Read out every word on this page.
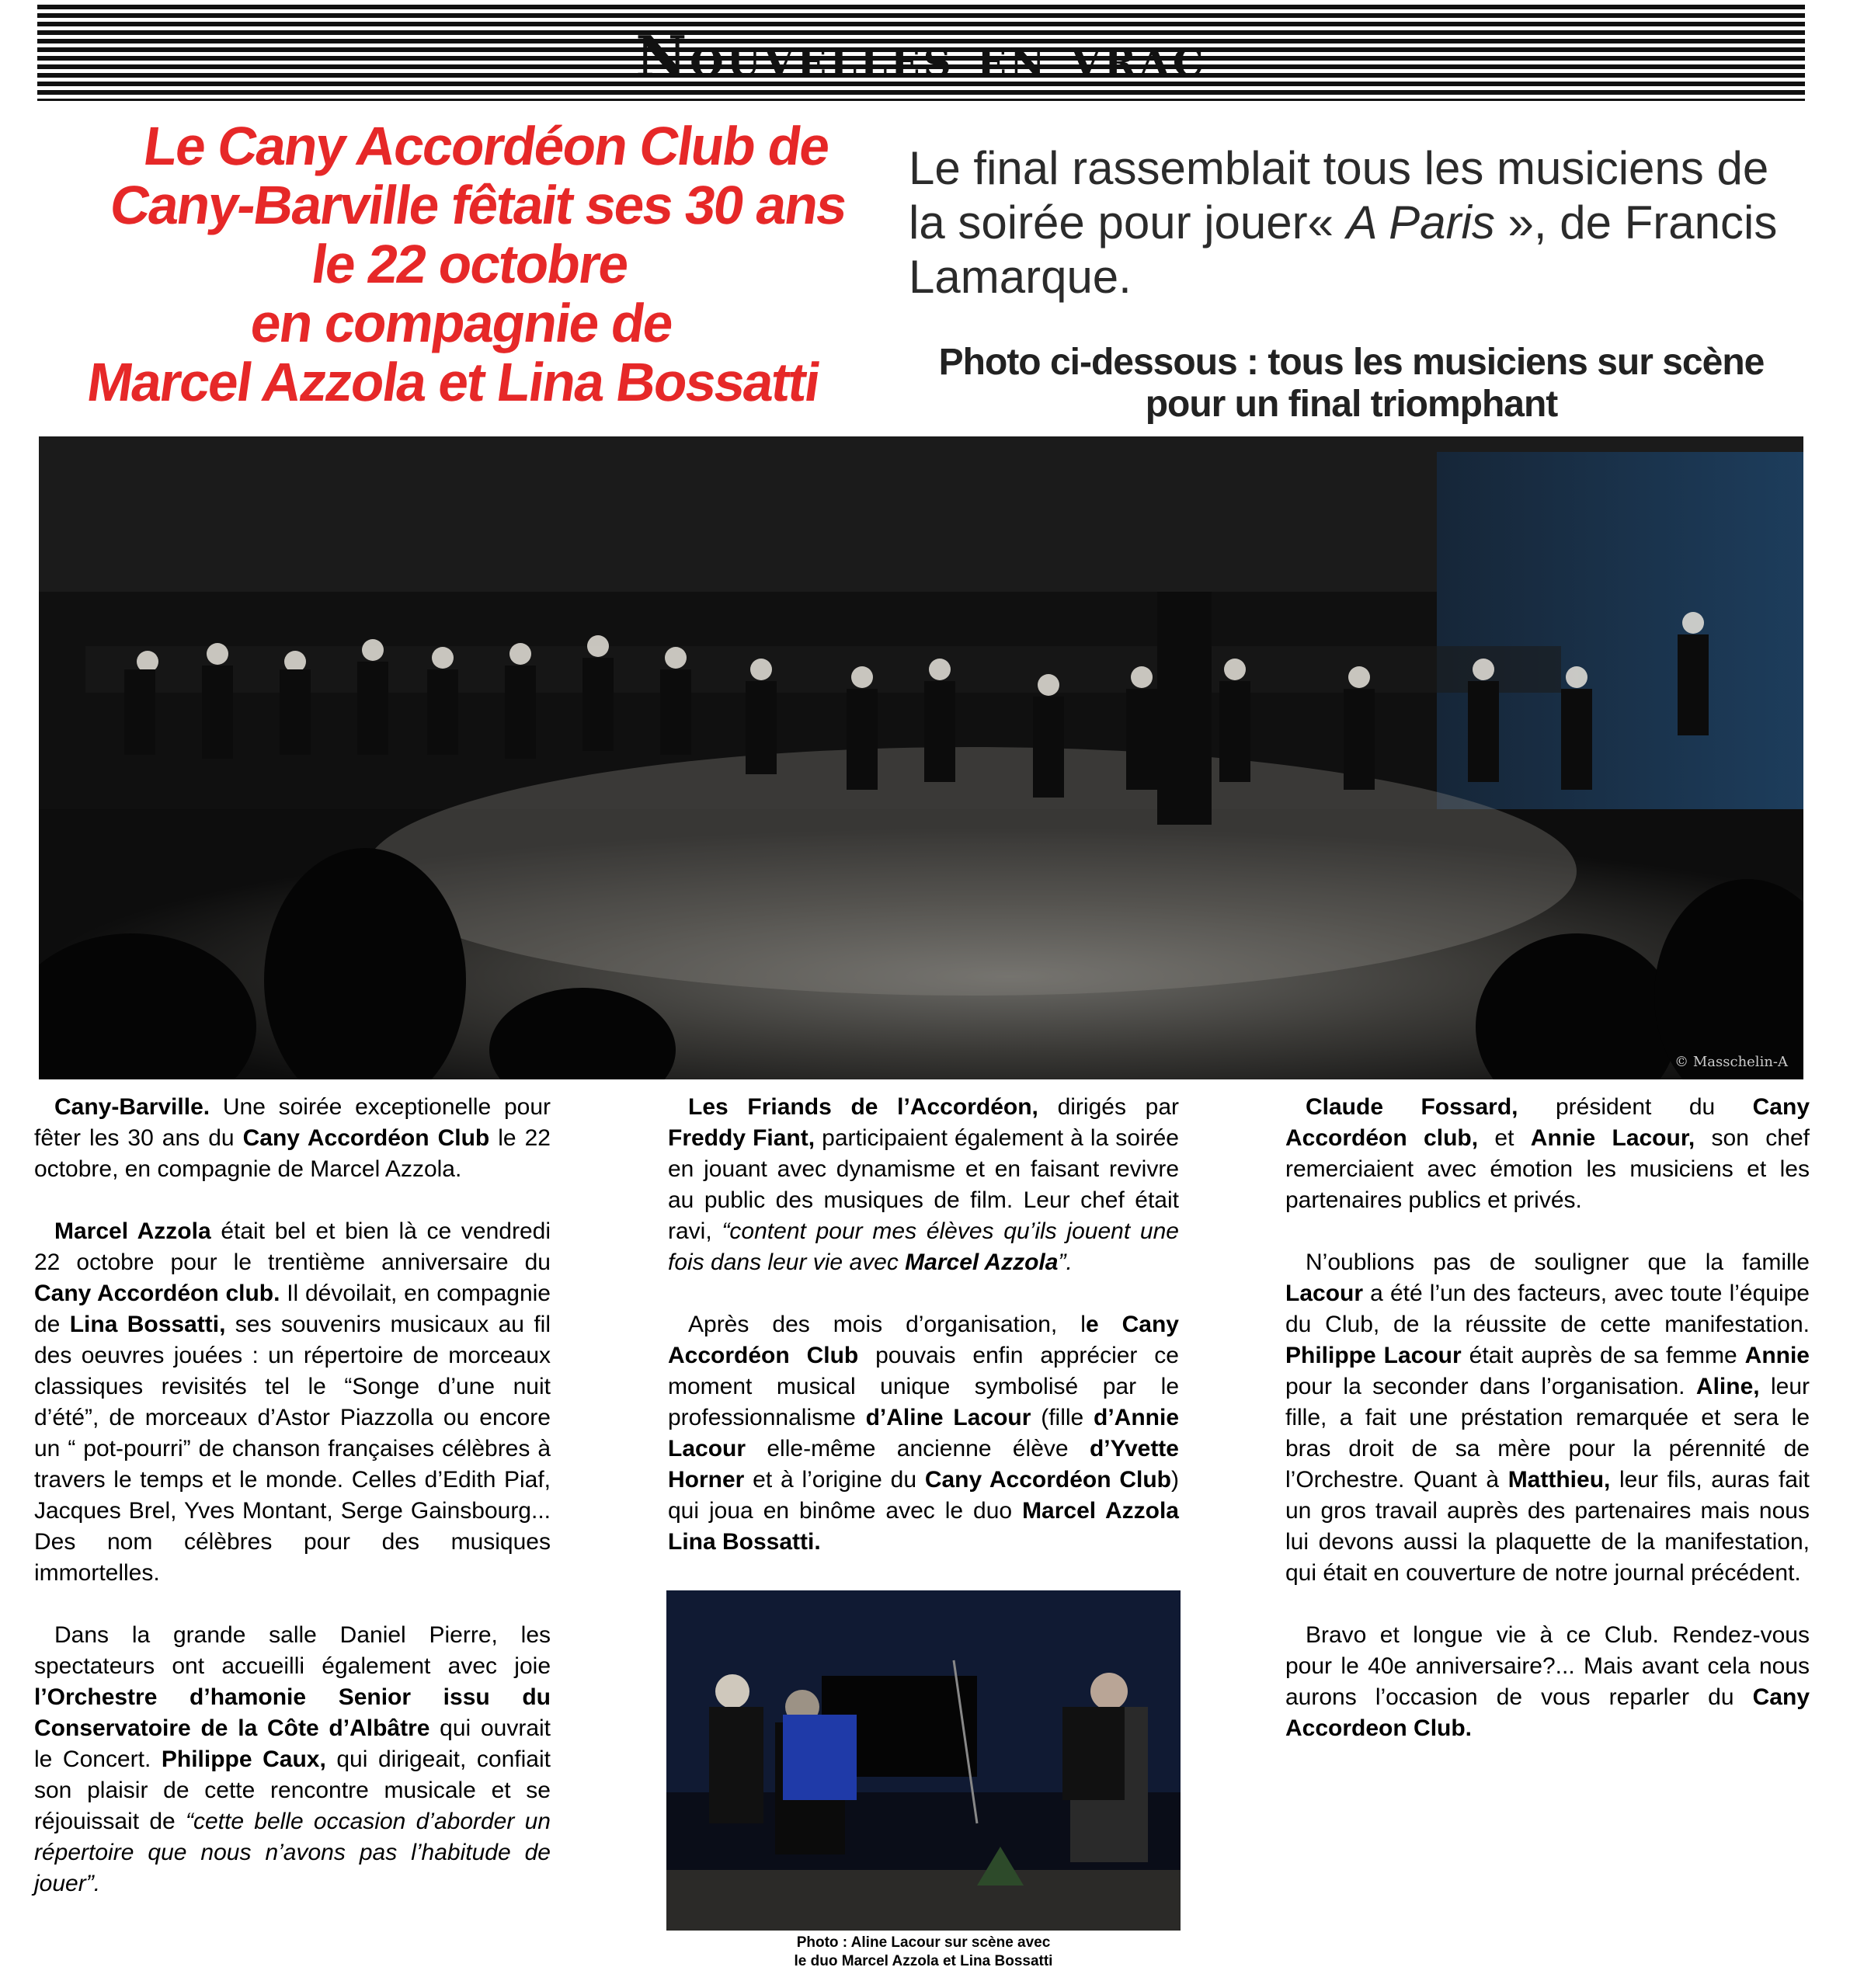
Nouvelles en vrac
Le Cany Accordéon Club de
Cany-Barville fêtait ses 30 ans
le 22 octobre
en compagnie de
Marcel Azzola et Lina Bossatti
Le final rassemblait tous les musiciens de la soirée pour jouer« A Paris », de Francis Lamarque.
Photo ci-dessous : tous les musiciens sur scène
pour un final triomphant
© Masschelin-A

Cany-Barville. Une soirée exceptionelle pour fêter les 30 ans du Cany Accordéon Club le 22 octobre, en compagnie de Marcel Azzola.

Marcel Azzola était bel et bien là ce vendredi 22 octobre pour le trentième anniversaire du Cany Accordéon club. Il dévoilait, en compagnie de Lina Bossatti, ses souvenirs musicaux au fil des oeuvres jouées : un répertoire de morceaux classiques revisités tel le “Songe d’une nuit d’été”, de morceaux d’Astor Piazzolla ou encore un “ pot-pourri” de chanson françaises célèbres à travers le temps et le monde. Celles d’Edith Piaf, Jacques Brel, Yves Montant, Serge Gainsbourg... Des nom célèbres pour des musiques immortelles.

Dans la grande salle Daniel Pierre, les spectateurs ont accueilli également avec joie l’Orchestre d’hamonie Senior issu du Conservatoire de la Côte d’Albâtre qui ouvrait le Concert. Philippe Caux, qui dirigeait, confiait son plaisir de cette rencontre musicale et se réjouissait de “cette belle occasion d’aborder un répertoire que nous n’avons pas l’habitude de jouer”.

Les Friands de l’Accordéon, dirigés par Freddy Fiant, participaient également à la soirée en jouant avec dynamisme et en faisant revivre au public des musiques de film. Leur chef était ravi, “content pour mes élèves qu’ils jouent une fois dans leur vie avec Marcel Azzola”.

Après des mois d’organisation, le Cany Accordéon Club pouvais enfin apprécier ce moment musical unique symbolisé par le professionnalisme d’Aline Lacour (fille d’Annie Lacour elle-même ancienne élève d’Yvette Horner et à l’origine du Cany Accordéon Club) qui joua en binôme avec le duo Marcel Azzola Lina Bossatti.

Claude Fossard, président du Cany Accordéon club, et Annie Lacour, son chef remerciaient avec émotion les musiciens et les partenaires publics et privés.

N’oublions pas de souligner que la famille Lacour a été l’un des facteurs, avec toute l’équipe du Club, de la réussite de cette manifestation. Philippe Lacour était auprès de sa femme Annie pour la seconder dans l’organisation. Aline, leur fille, a fait une préstation remarquée et sera le bras droit de sa mère pour la pérennité de l’Orchestre. Quant à Matthieu, leur fils, auras fait un gros travail auprès des partenaires mais nous lui devons aussi la plaquette de la manifestation, qui était en couverture de notre journal précédent.

Bravo et longue vie à ce Club. Rendez-vous pour le 40e anniversaire?... Mais avant cela nous aurons l’occasion de vous reparler du Cany Accordeon Club.

Photo : Aline Lacour sur scène avec
le duo Marcel Azzola et Lina Bossatti
